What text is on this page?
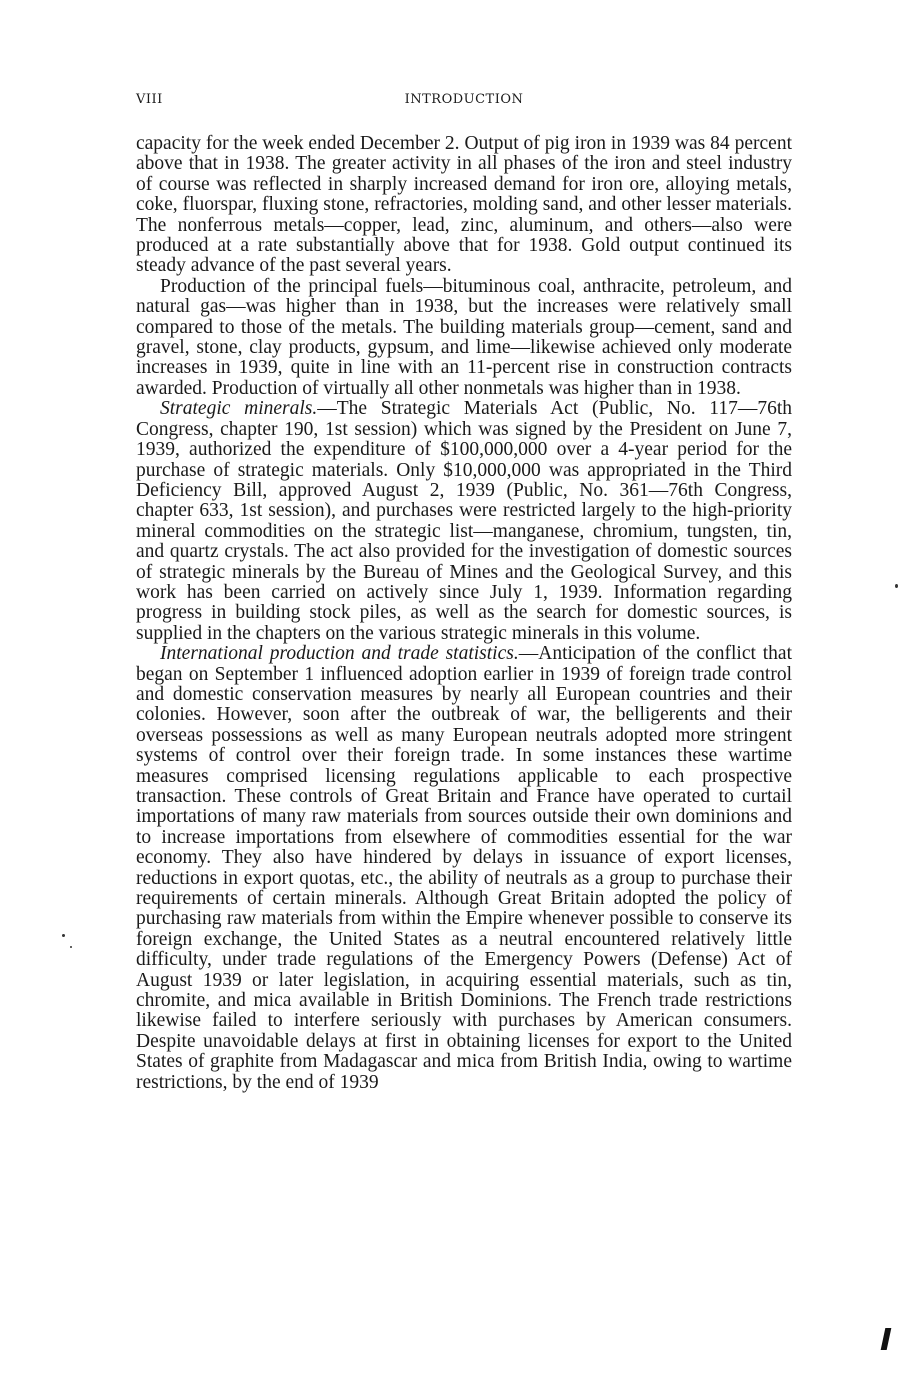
VIII	INTRODUCTION

capacity for the week ended December 2. Output of pig iron in 1939 was 84 percent above that in 1938. The greater activity in all phases of the iron and steel industry of course was reflected in sharply increased demand for iron ore, alloying metals, coke, fluorspar, fluxing stone, refractories, molding sand, and other lesser materials. The nonferrous metals—copper, lead, zinc, aluminum, and others—also were produced at a rate substantially above that for 1938. Gold output continued its steady advance of the past several years.

Production of the principal fuels—bituminous coal, anthracite, petroleum, and natural gas—was higher than in 1938, but the increases were relatively small compared to those of the metals. The building materials group—cement, sand and gravel, stone, clay products, gypsum, and lime—likewise achieved only moderate increases in 1939, quite in line with an 11-percent rise in construction contracts awarded. Production of virtually all other nonmetals was higher than in 1938.

Strategic minerals.—The Strategic Materials Act (Public, No. 117—76th Congress, chapter 190, 1st session) which was signed by the President on June 7, 1939, authorized the expenditure of $100,000,000 over a 4-year period for the purchase of strategic materials. Only $10,000,000 was appropriated in the Third Deficiency Bill, approved August 2, 1939 (Public, No. 361—76th Congress, chapter 633, 1st session), and purchases were restricted largely to the high-priority mineral commodities on the strategic list—manganese, chromium, tungsten, tin, and quartz crystals. The act also provided for the investigation of domestic sources of strategic minerals by the Bureau of Mines and the Geological Survey, and this work has been carried on actively since July 1, 1939. Information regarding progress in building stock piles, as well as the search for domestic sources, is supplied in the chapters on the various strategic minerals in this volume.

International production and trade statistics.—Anticipation of the conflict that began on September 1 influenced adoption earlier in 1939 of foreign trade control and domestic conservation measures by nearly all European countries and their colonies. However, soon after the outbreak of war, the belligerents and their overseas possessions as well as many European neutrals adopted more stringent systems of control over their foreign trade. In some instances these wartime measures comprised licensing regulations applicable to each prospective transaction. These controls of Great Britain and France have operated to curtail importations of many raw materials from sources outside their own dominions and to increase importations from elsewhere of commodities essential for the war economy. They also have hindered by delays in issuance of export licenses, reductions in export quotas, etc., the ability of neutrals as a group to purchase their requirements of certain minerals. Although Great Britain adopted the policy of purchasing raw materials from within the Empire whenever possible to conserve its foreign exchange, the United States as a neutral encountered relatively little difficulty, under trade regulations of the Emergency Powers (Defense) Act of August 1939 or later legislation, in acquiring essential materials, such as tin, chromite, and mica available in British Dominions. The French trade restrictions likewise failed to interfere seriously with purchases by American consumers. Despite unavoidable delays at first in obtaining licenses for export to the United States of graphite from Madagascar and mica from British India, owing to wartime restrictions, by the end of 1939
